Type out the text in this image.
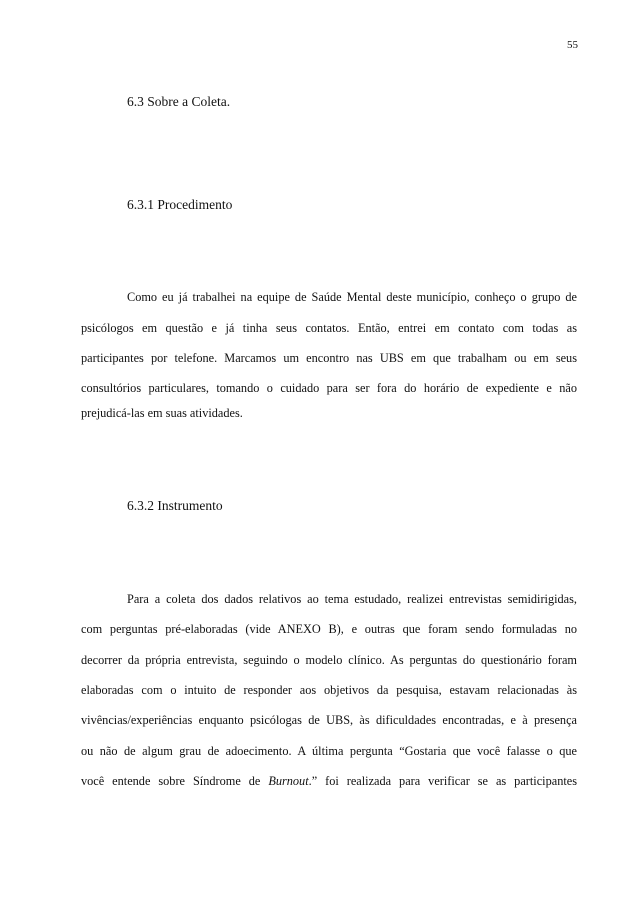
55
6.3 Sobre a Coleta.
6.3.1 Procedimento
Como eu já trabalhei na equipe de Saúde Mental deste município, conheço o grupo de
psicólogos em questão e já tinha seus contatos. Então, entrei em contato com todas as
participantes por telefone. Marcamos um encontro nas UBS em que trabalham ou em seus
consultórios particulares, tomando o cuidado para ser fora do horário de expediente e não
prejudicá-las em suas atividades.
6.3.2 Instrumento
Para a coleta dos dados relativos ao tema estudado, realizei entrevistas semidirigidas,
com perguntas pré-elaboradas (vide ANEXO B), e outras que foram sendo formuladas no
decorrer da própria entrevista, seguindo o modelo clínico. As perguntas do questionário foram
elaboradas com o intuito de responder aos objetivos da pesquisa, estavam relacionadas às
vivências/experiências enquanto psicólogas de UBS, às dificuldades encontradas, e à presença
ou não de algum grau de adoecimento. A última pergunta “Gostaria que você falasse o que
você entende sobre Síndrome de Burnout.” foi realizada para verificar se as participantes
